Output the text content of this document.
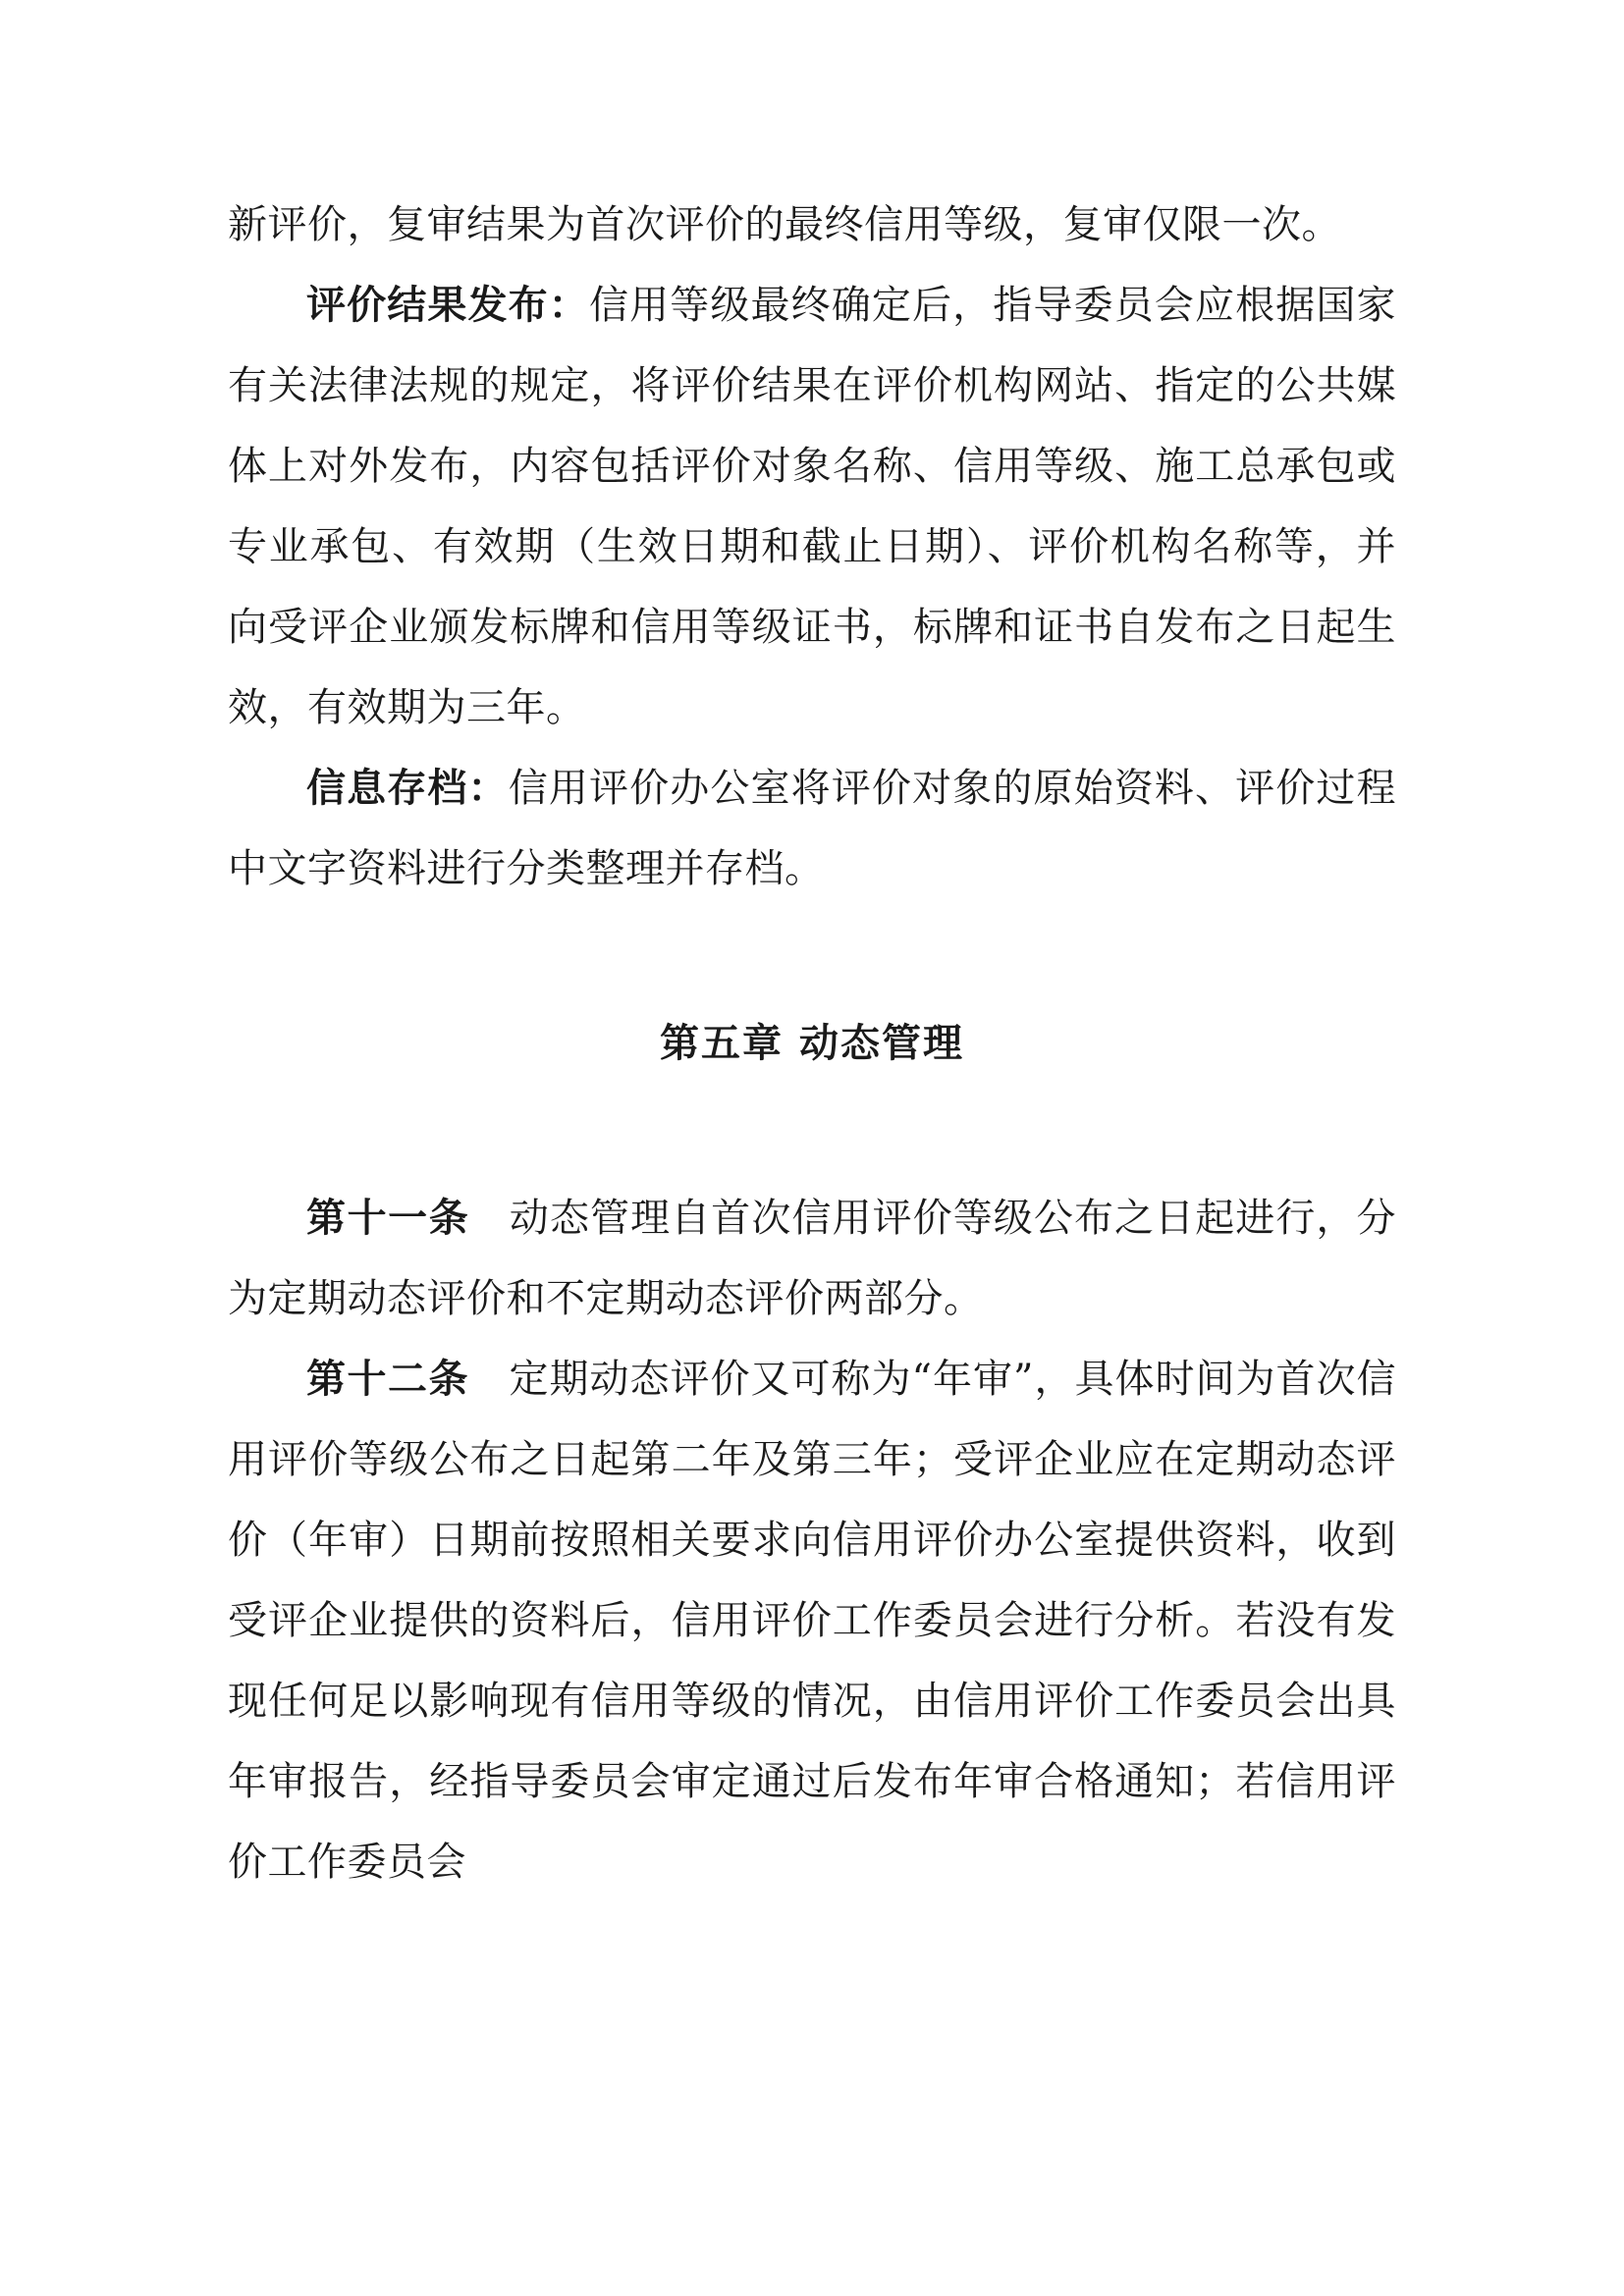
新评价，复审结果为首次评价的最终信用等级，复审仅限一次。

评价结果发布：信用等级最终确定后，指导委员会应根据国家有关法律法规的规定，将评价结果在评价机构网站、指定的公共媒体上对外发布，内容包括评价对象名称、信用等级、施工总承包或专业承包、有效期（生效日期和截止日期）、评价机构名称等，并向受评企业颁发标牌和信用等级证书，标牌和证书自发布之日起生效，有效期为三年。

信息存档：信用评价办公室将评价对象的原始资料、评价过程中文字资料进行分类整理并存档。

第五章 动态管理

第十一条 动态管理自首次信用评价等级公布之日起进行，分为定期动态评价和不定期动态评价两部分。

第十二条 定期动态评价又可称为“年审”，具体时间为首次信用评价等级公布之日起第二年及第三年；受评企业应在定期动态评价（年审）日期前按照相关要求向信用评价办公室提供资料，收到受评企业提供的资料后，信用评价工作委员会进行分析。若没有发现任何足以影响现有信用等级的情况，由信用评价工作委员会出具年审报告，经指导委员会审定通过后发布年审合格通知；若信用评价工作委员会
